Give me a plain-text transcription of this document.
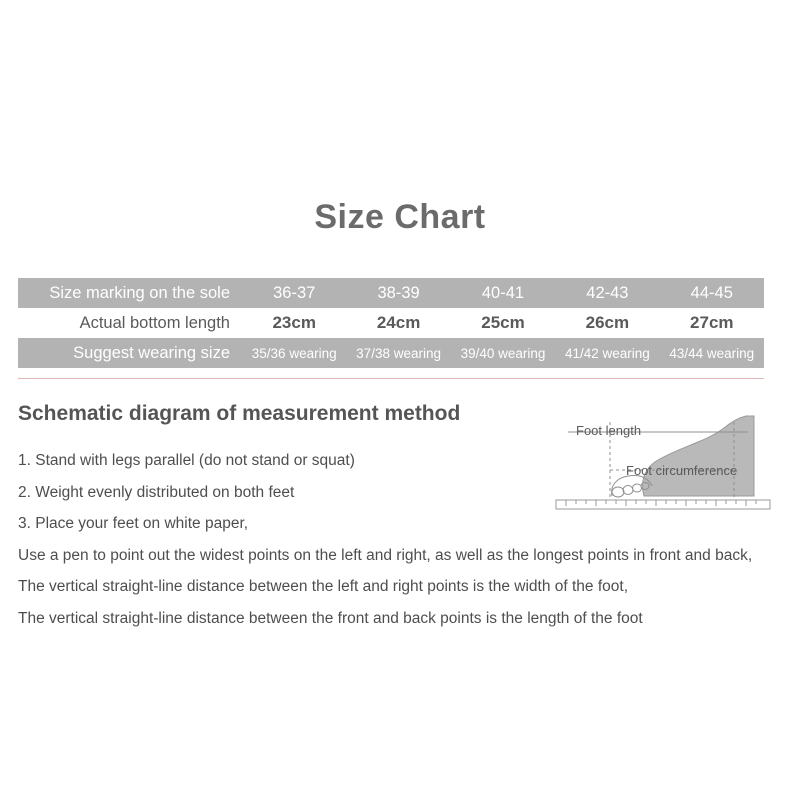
Size Chart
Size marking on the sole	36-37	38-39	40-41	42-43	44-45
Actual bottom length	23cm	24cm	25cm	26cm	27cm
Suggest wearing size	35/36 wearing	37/38 wearing	39/40 wearing	41/42 wearing	43/44 wearing
Schematic diagram of measurement method
1. Stand with legs parallel (do not stand or squat)
2. Weight evenly distributed on both feet
3. Place your feet on white paper,
Use a pen to point out the widest points on the left and right, as well as the longest points in front and back,
The vertical straight-line distance between the left and right points is the width of the foot,
The vertical straight-line distance between the front and back points is the length of the foot
Foot length
Foot circumference
